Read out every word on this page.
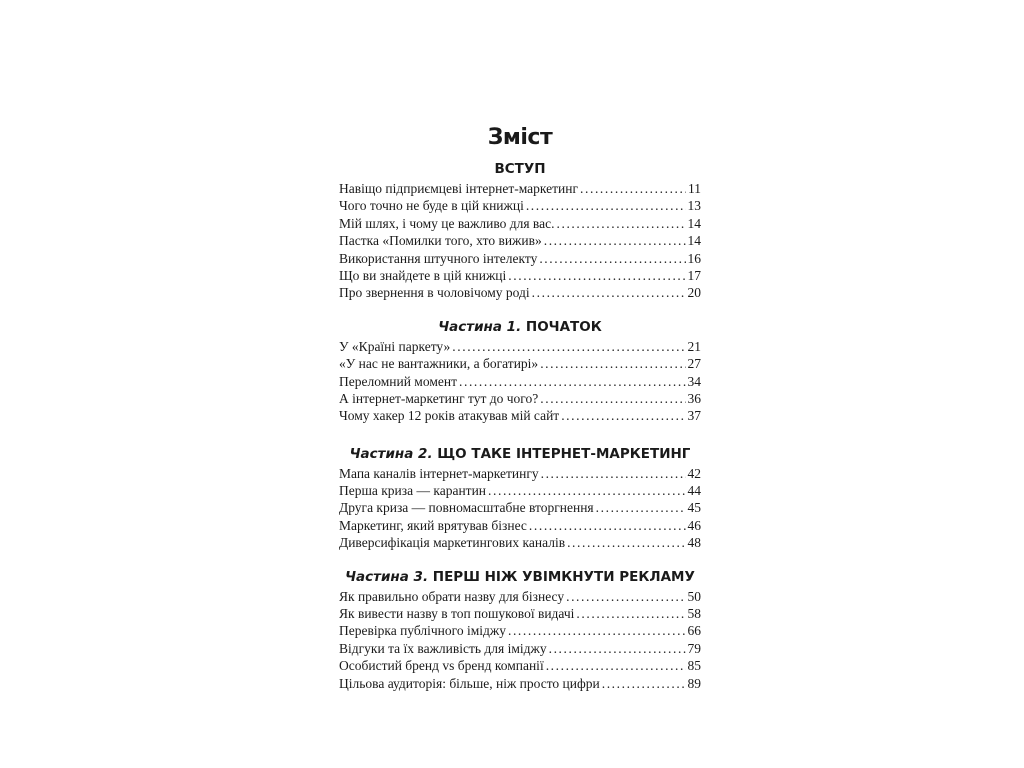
Зміст
ВСТУП
Навіщо підприємцеві інтернет-маркетинг .....	11
Чого точно не буде в цій книжці .....	13
Мій шлях, і чому це важливо для вас. .....	14
Пастка «Помилки того, хто вижив» .....	14
Використання штучного інтелекту .....	16
Що ви знайдете в цій книжці .....	17
Про звернення в чоловічому роді .....	20
Частина 1. ПОЧАТОК
У «Країні паркету» .....	21
«У нас не вантажники, а богатирі» .....	27
Переломний момент .....	34
А інтернет-маркетинг тут до чого? .....	36
Чому хакер 12 років атакував мій сайт .....	37
Частина 2. ЩО ТАКЕ ІНТЕРНЕТ-МАРКЕТИНГ
Мапа каналів інтернет-маркетингу .....	42
Перша криза — карантин .....	44
Друга криза — повномасштабне вторгнення .....	45
Маркетинг, який врятував бізнес .....	46
Диверсифікація маркетингових каналів .....	48
Частина 3. ПЕРШ НІЖ УВІМКНУТИ РЕКЛАМУ
Як правильно обрати назву для бізнесу .....	50
Як вивести назву в топ пошукової видачі .....	58
Перевірка публічного іміджу .....	66
Відгуки та їх важливість для іміджу .....	79
Особистий бренд vs бренд компанії .....	85
Цільова аудиторія: більше, ніж просто цифри .....	89
